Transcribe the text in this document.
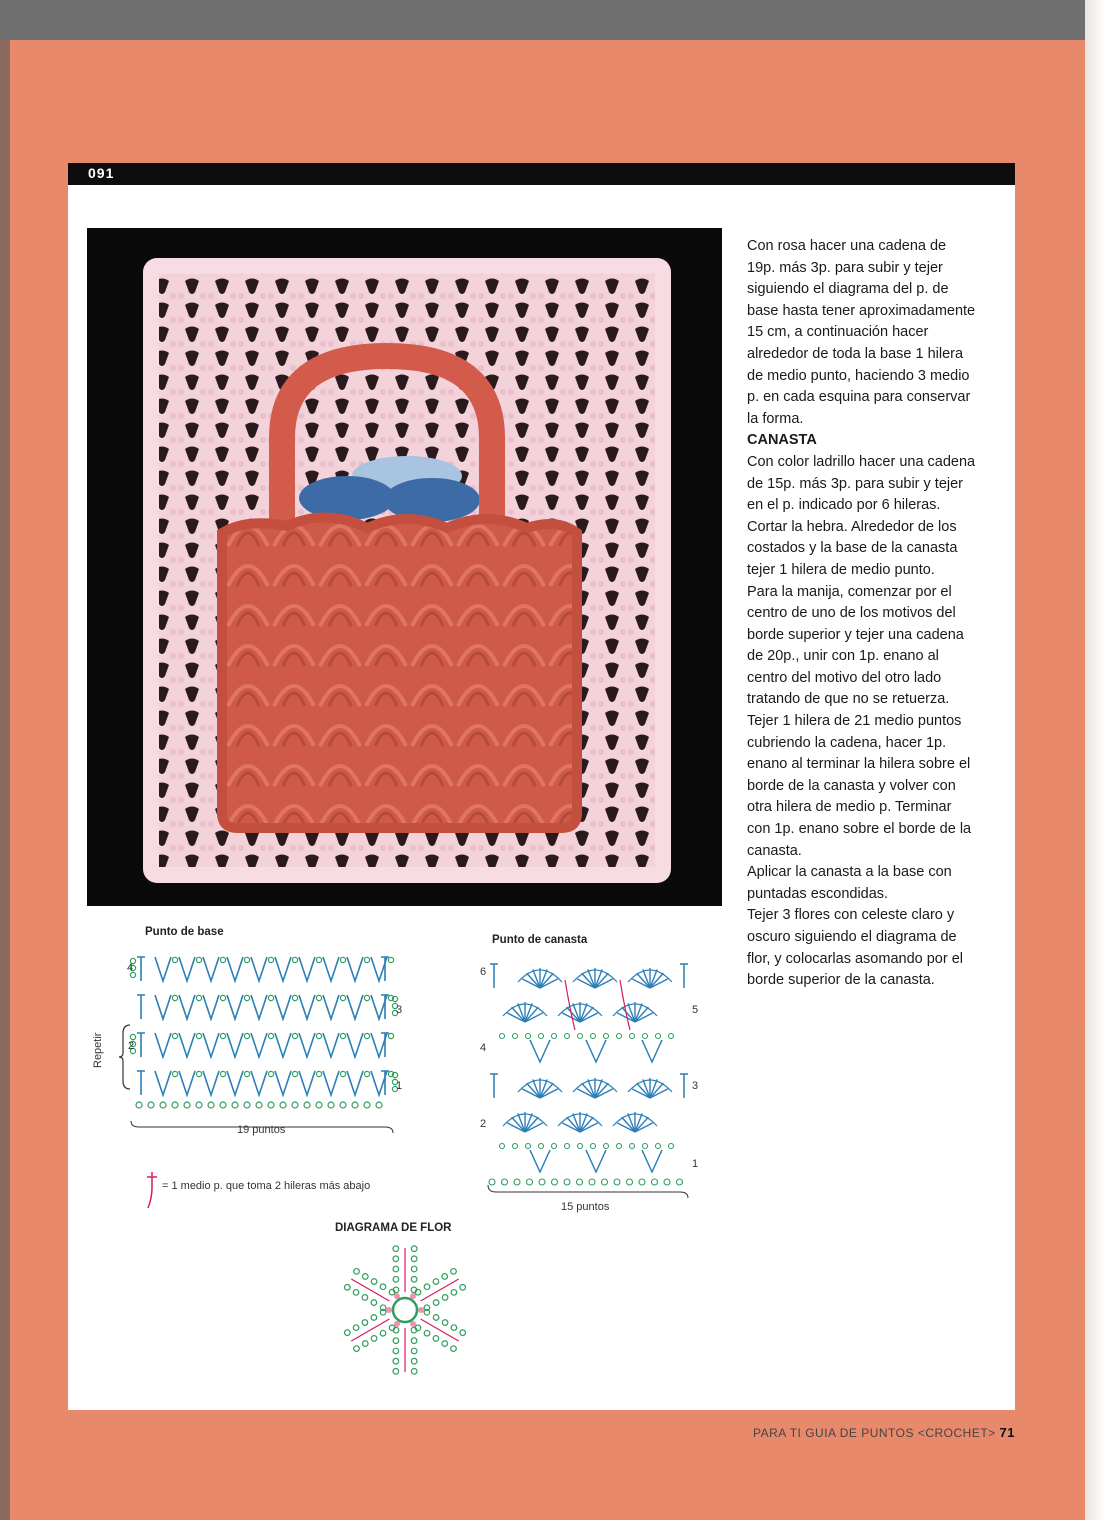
091

Con rosa hacer una cadena de 19p. más 3p. para subir y tejer siguiendo el diagrama del p. de base hasta tener aproximadamente 15 cm, a continuación hacer alrededor de toda la base 1 hilera de medio punto, haciendo 3 medio p. en cada esquina para conservar la forma.

CANASTA

Con color ladrillo hacer una cadena de 15p. más 3p. para subir y tejer en el p. indicado por 6 hileras. Cortar la hebra. Alrededor de los costados y la base de la canasta tejer 1 hilera de medio punto.

Para la manija, comenzar por el centro de uno de los motivos del borde superior y tejer una cadena de 20p., unir con 1p. enano al centro del motivo del otro lado tratando de que no se retuerza.

Tejer 1 hilera de 21 medio puntos cubriendo la cadena, hacer 1p. enano al terminar la hilera sobre el borde de la canasta y volver con otra hilera de medio p. Terminar con 1p. enano sobre el borde de la canasta.

Aplicar la canasta a la base con puntadas escondidas.

Tejer 3 flores con celeste claro y oscuro siguiendo el diagrama de flor, y colocarlas asomando por el borde superior de la canasta.

Punto de base
4
3
2
1
Repetir
19 puntos
Punto de canasta
6
5
4
3
2
1
15 puntos
= 1 medio p. que toma 2 hileras más abajo
DIAGRAMA DE FLOR
PARA TI GUIA DE PUNTOS <CROCHET> 71
